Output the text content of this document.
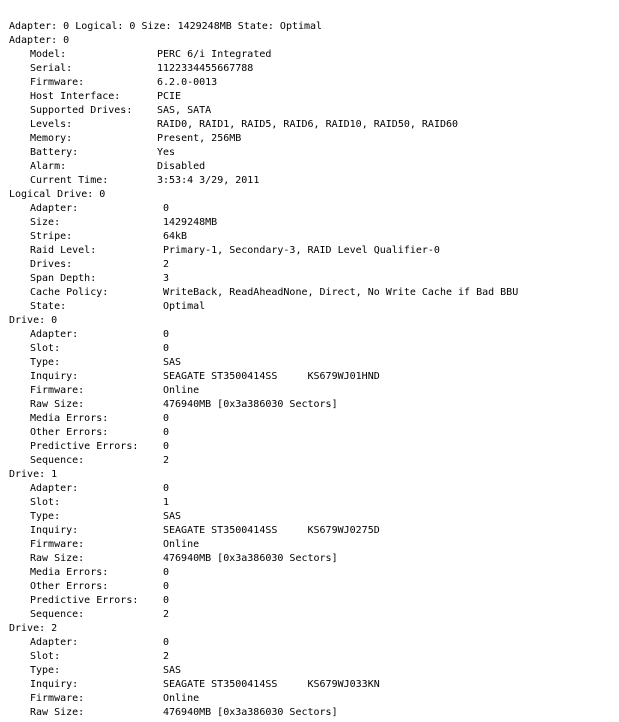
Adapter: 0 Logical: 0 Size: 1429248MB State: Optimal
Adapter: 0
Model:	PERC 6/i Integrated
Serial:	1122334455667788
Firmware:	6.2.0-0013
Host Interface:	PCIE
Supported Drives: SAS, SATA
Levels:	RAID0, RAID1, RAID5, RAID6, RAID10, RAID50, RAID60
Memory:	Present, 256MB
Battery:	Yes
Alarm:	Disabled
Current Time:	3:53:4 3/29, 2011
Logical Drive: 0
Adapter:	0
Size:	1429248MB
Stripe:	64kB
Raid Level:	Primary-1, Secondary-3, RAID Level Qualifier-0
Drives:	2
Span Depth:	3
Cache Policy:	WriteBack, ReadAheadNone, Direct, No Write Cache if Bad BBU
State:	Optimal
Drive: 0
Adapter:	0
Slot:	0
Type:	SAS
Inquiry:	SEAGATE ST3500414SS     KS679WJ01HND
Firmware:	Online
Raw Size:	476940MB [0x3a386030 Sectors]
Media Errors:	0
Other Errors:	0
Predictive Errors: 0
Sequence:	2
Drive: 1
Adapter:	0
Slot:	1
Type:	SAS
Inquiry:	SEAGATE ST3500414SS     KS679WJ0275D
Firmware:	Online
Raw Size:	476940MB [0x3a386030 Sectors]
Media Errors:	0
Other Errors:	0
Predictive Errors: 0
Sequence:	2
Drive: 2
Adapter:	0
Slot:	2
Type:	SAS
Inquiry:	SEAGATE ST3500414SS     KS679WJ033KN
Firmware:	Online
Raw Size:	476940MB [0x3a386030 Sectors]
